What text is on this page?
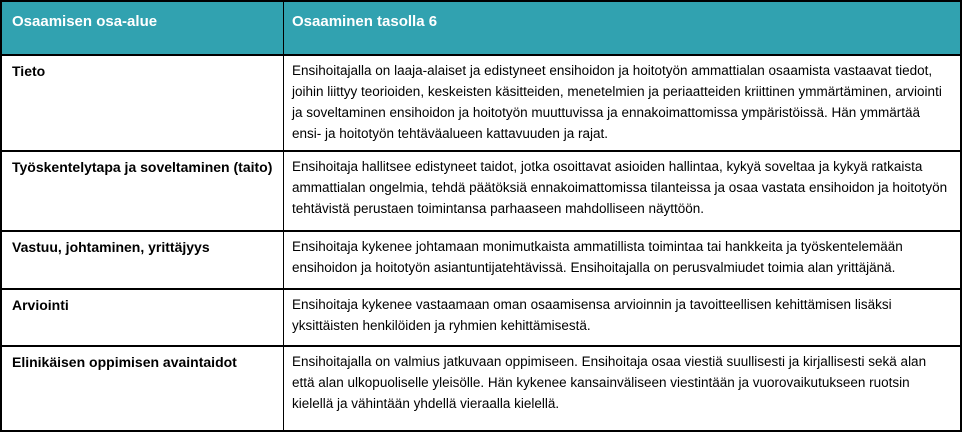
Osaamisen osa-alue	Osaaminen tasolla 6
Tieto	Ensihoitajalla on laaja-alaiset ja edistyneet ensihoidon ja hoitotyön ammattialan osaamista vastaavat tiedot, joihin liittyy teorioiden, keskeisten käsitteiden, menetelmien ja periaatteiden kriittinen ymmärtäminen, arviointi ja soveltaminen ensihoidon ja hoitotyön muuttuvissa ja ennakoimattomissa ympäristöissä. Hän ymmärtää ensi- ja hoitotyön tehtäväalueen kattavuuden ja rajat.
Työskentelytapa ja soveltaminen (taito)	Ensihoitaja hallitsee edistyneet taidot, jotka osoittavat asioiden hallintaa, kykyä soveltaa ja kykyä ratkaista ammattialan ongelmia, tehdä päätöksiä ennakoimattomissa tilanteissa ja osaa vastata ensihoidon ja hoitotyön tehtävistä perustaen toimintansa parhaaseen mahdolliseen näyttöön.
Vastuu, johtaminen, yrittäjyys	Ensihoitaja kykenee johtamaan monimutkaista ammatillista toimintaa tai hankkeita ja työskentelemään ensihoidon ja hoitotyön asiantuntijatehtävissä. Ensihoitajalla on perusvalmiudet toimia alan yrittäjänä.
Arviointi	Ensihoitaja kykenee vastaamaan oman osaamisensa arvioinnin ja tavoitteellisen kehittämisen lisäksi yksittäisten henkilöiden ja ryhmien kehittämisestä.
Elinikäisen oppimisen avaintaidot	Ensihoitajalla on valmius jatkuvaan oppimiseen. Ensihoitaja osaa viestiä suullisesti ja kirjallisesti sekä alan että alan ulkopuoliselle yleisölle. Hän kykenee kansainväliseen viestintään ja vuorovaikutukseen ruotsin kielellä ja vähintään yhdellä vieraalla kielellä.
